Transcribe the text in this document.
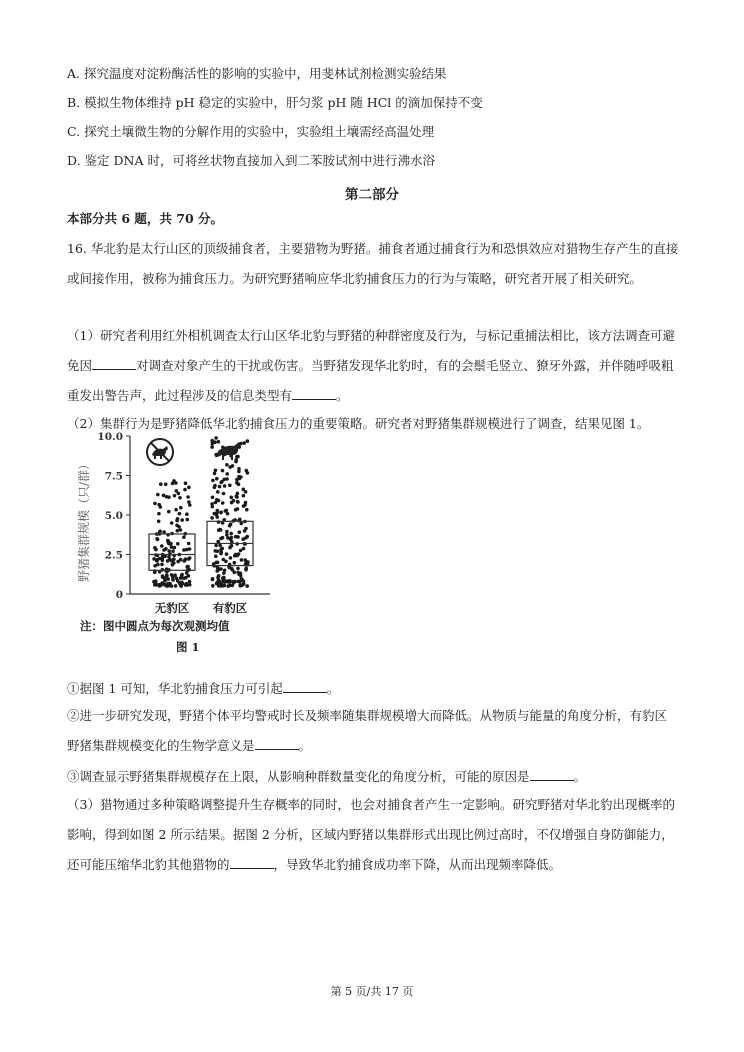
A. 探究温度对淀粉酶活性的影响的实验中，用斐林试剂检测实验结果
B. 模拟生物体维持 pH 稳定的实验中，肝匀浆 pH 随 HCl 的滴加保持不变
C. 探究土壤微生物的分解作用的实验中，实验组土壤需经高温处理
D. 鉴定 DNA 时，可将丝状物直接加入到二苯胺试剂中进行沸水浴
第二部分
本部分共 6 题，共 70 分。
16. 华北豹是太行山区的顶级捕食者，主要猎物为野猪。捕食者通过捕食行为和恐惧效应对猎物生存产生的直接或间接作用，被称为捕食压力。为研究野猪响应华北豹捕食压力的行为与策略，研究者开展了相关研究。
（1）研究者利用红外相机调查太行山区华北豹与野猪的种群密度及行为，与标记重捕法相比，该方法调查可避免因	对调查对象产生的干扰或伤害。当野猪发现华北豹时，有的会鬃毛竖立、獠牙外露，并伴随呼吸粗重发出警告声，此过程涉及的信息类型有	。
（2）集群行为是野猪降低华北豹捕食压力的重要策略。研究者对野猪集群规模进行了调查，结果见图 1。
野猪集群规模（只/群）
0
2.5
5.0
7.5
10.0
无豹区 有豹区
注：图中圆点为每次观测均值
图 1
①据图 1 可知，华北豹捕食压力可引起	。
②进一步研究发现，野猪个体平均警戒时长及频率随集群规模增大而降低。从物质与能量的角度分析，有豹区野猪集群规模变化的生物学意义是	。
③调查显示野猪集群规模存在上限，从影响种群数量变化的角度分析，可能的原因是	。
（3）猎物通过多种策略调整提升生存概率的同时，也会对捕食者产生一定影响。研究野猪对华北豹出现概率的影响，得到如图 2 所示结果。据图 2 分析，区域内野猪以集群形式出现比例过高时，不仅增强自身防御能力，还可能压缩华北豹其他猎物的	，导致华北豹捕食成功率下降，从而出现频率降低。
第 5 页/共 17 页
